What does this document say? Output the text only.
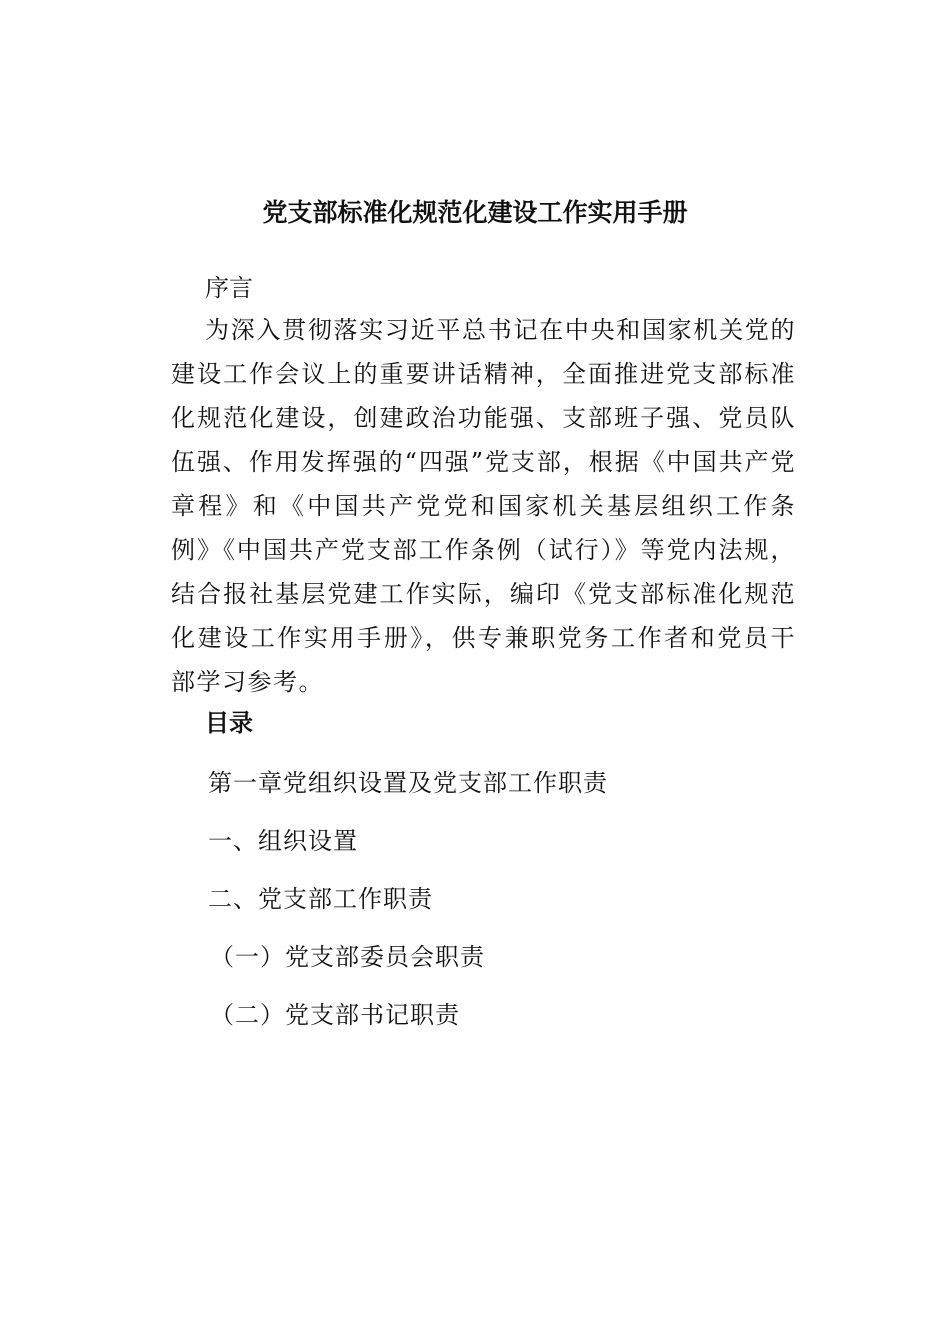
党支部标准化规范化建设工作实用手册
序言

为深入贯彻落实习近平总书记在中央和国家机关党的建设工作会议上的重要讲话精神，全面推进党支部标准化规范化建设，创建政治功能强、支部班子强、党员队伍强、作用发挥强的“四强”党支部，根据《中国共产党章程》和《中国共产党党和国家机关基层组织工作条例》《中国共产党支部工作条例（试行）》等党内法规，结合报社基层党建工作实际，编印《党支部标准化规范化建设工作实用手册》，供专兼职党务工作者和党员干部学习参考。

目录
第一章党组织设置及党支部工作职责
一、组织设置
二、党支部工作职责
（一）党支部委员会职责
（二）党支部书记职责
